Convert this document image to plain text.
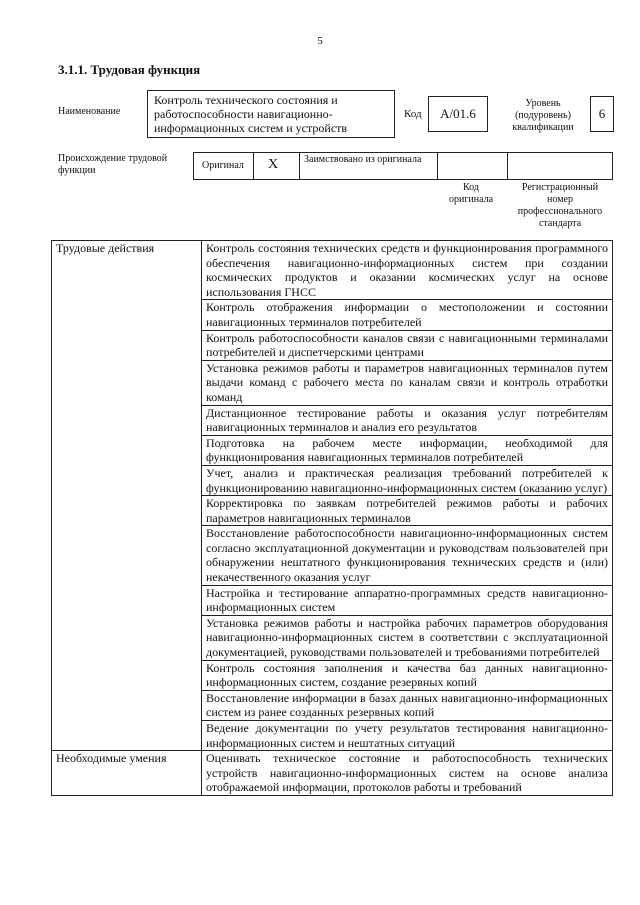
5
3.1.1. Трудовая функция
Наименование
Контроль технического состояния и работоспособности навигационно-информационных систем и устройств
Код	A/01.6
Уровень (подуровень) квалификации
6
Происхождение трудовой функции	Оригинал X	Заимствовано из оригинала
Код оригинала
Регистрационный номер профессионального стандарта
Трудовые действия	Контроль состояния технических средств и функционирования программного обеспечения навигационно-информационных систем при создании космических продуктов и оказании космических услуг на основе использования ГНСС
	Контроль отображения информации о местоположении и состоянии навигационных терминалов потребителей
	Контроль работоспособности каналов связи с навигационными терминалами потребителей и диспетчерскими центрами
	Установка режимов работы и параметров навигационных терминалов путем выдачи команд с рабочего места по каналам связи и контроль отработки команд
	Дистанционное тестирование работы и оказания услуг потребителям навигационных терминалов и анализ его результатов
	Подготовка на рабочем месте информации, необходимой для функционирования навигационных терминалов потребителей
	Учет, анализ и практическая реализация требований потребителей к функционированию навигационно-информационных систем (оказанию услуг)
	Корректировка по заявкам потребителей режимов работы и рабочих параметров навигационных терминалов
	Восстановление работоспособности навигационно-информационных систем согласно эксплуатационной документации и руководствам пользователей при обнаружении нештатного функционирования технических средств и (или) некачественного оказания услуг
	Настройка и тестирование аппаратно-программных средств навигационно-информационных систем
	Установка режимов работы и настройка рабочих параметров оборудования навигационно-информационных систем в соответствии с эксплуатационной документацией, руководствами пользователей и требованиями потребителей
	Контроль состояния заполнения и качества баз данных навигационно-информационных систем, создание резервных копий
	Восстановление информации в базах данных навигационно-информационных систем из ранее созданных резервных копий
	Ведение документации по учету результатов тестирования навигационно-информационных систем и нештатных ситуаций
Необходимые умения	Оценивать техническое состояние и работоспособность технических устройств навигационно-информационных систем на основе анализа отображаемой информации, протоколов работы и требований
